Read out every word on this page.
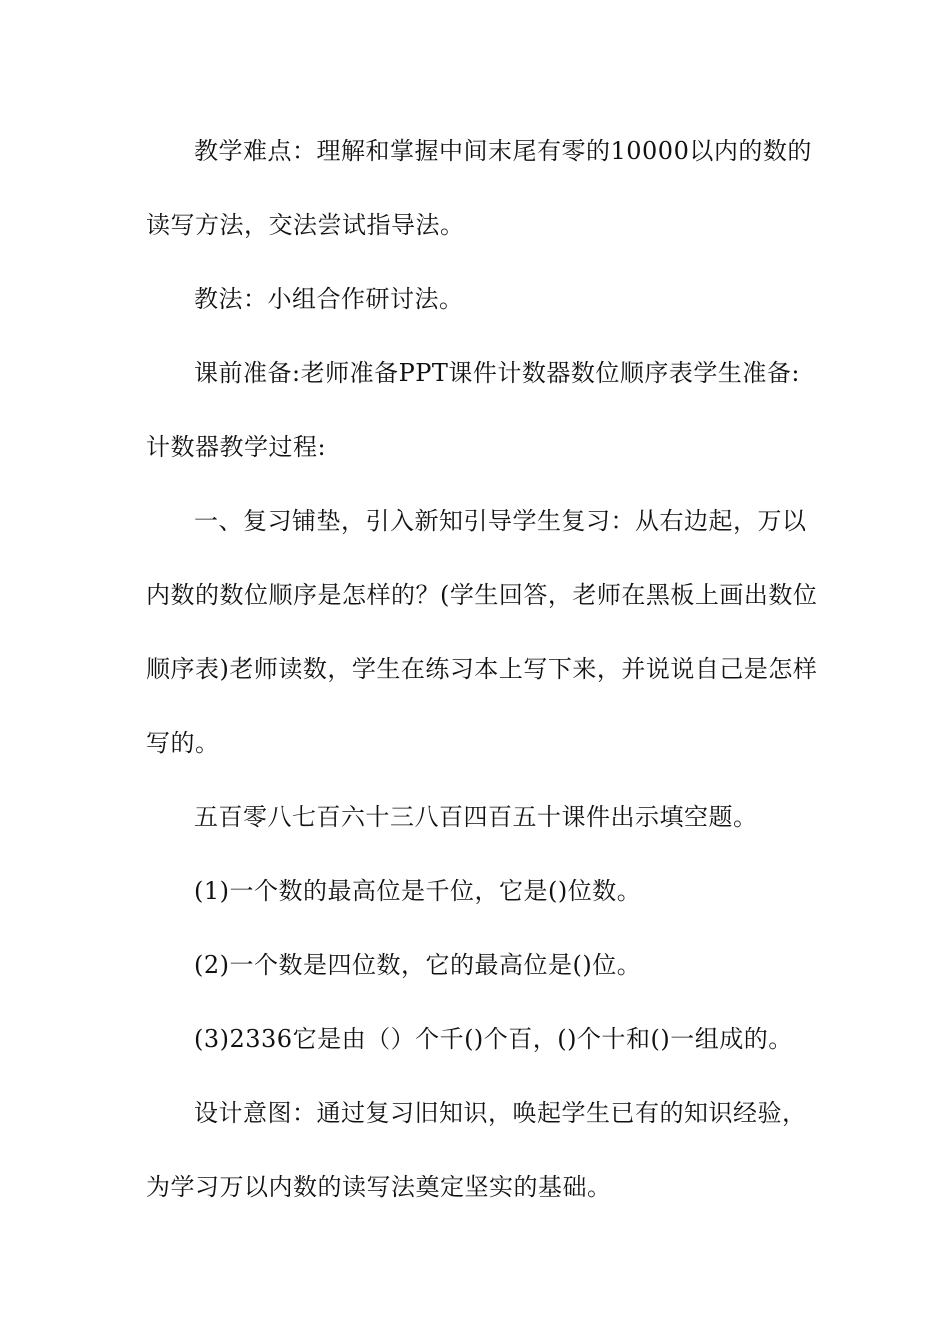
教学难点：理解和掌握中间末尾有零的10000以内的数的
读写方法，交法尝试指导法。
教法：小组合作研讨法。
课前准备:老师准备PPT课件计数器数位顺序表学生准备:
计数器教学过程:
一、复习铺垫，引入新知引导学生复习：从右边起，万以
内数的数位顺序是怎样的？(学生回答，老师在黑板上画出数位
顺序表)老师读数，学生在练习本上写下来，并说说自己是怎样
写的。
五百零八七百六十三八百四百五十课件出示填空题。
(1)一个数的最高位是千位，它是()位数。
(2)一个数是四位数，它的最高位是()位。
(3)2336它是由（）个千()个百，()个十和()一组成的。
设计意图：通过复习旧知识，唤起学生已有的知识经验，
为学习万以内数的读写法奠定坚实的基础。
